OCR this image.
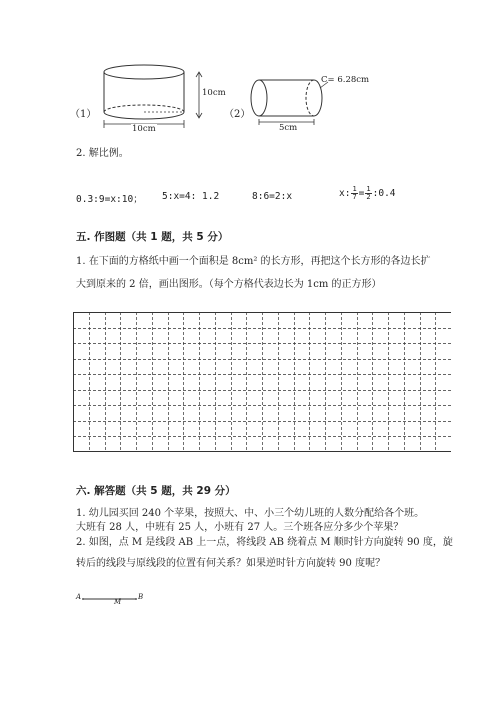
（1）
10cm
10cm
（2）
C= 6.28cm
5cm
2. 解比例。
0.3:9=x:10； 5:x=4: 1.2	8:6=2:x	x: $\frac{1}{7} = \frac{1}{2}$ :0.4
五. 作图题（共 1 题，共 5 分）
1. 在下面的方格纸中画一个面积是 8cm² 的长方形，再把这个长方形的各边长扩
大到原来的 2 倍，画出图形。（每个方格代表边长为 1cm 的正方形）
六. 解答题（共 5 题，共 29 分）
1. 幼儿园买回 240 个苹果，按照大、中、小三个幼儿班的人数分配给各个班。
大班有 28 人，中班有 25 人，小班有 27 人。三个班各应分多少个苹果？
2. 如图，点 M 是线段 AB 上一点，将线段 AB 绕着点 M 顺时针方向旋转 90 度，旋
转后的线段与原线段的位置有何关系？如果逆时针方向旋转 90 度呢？
A
M
B
